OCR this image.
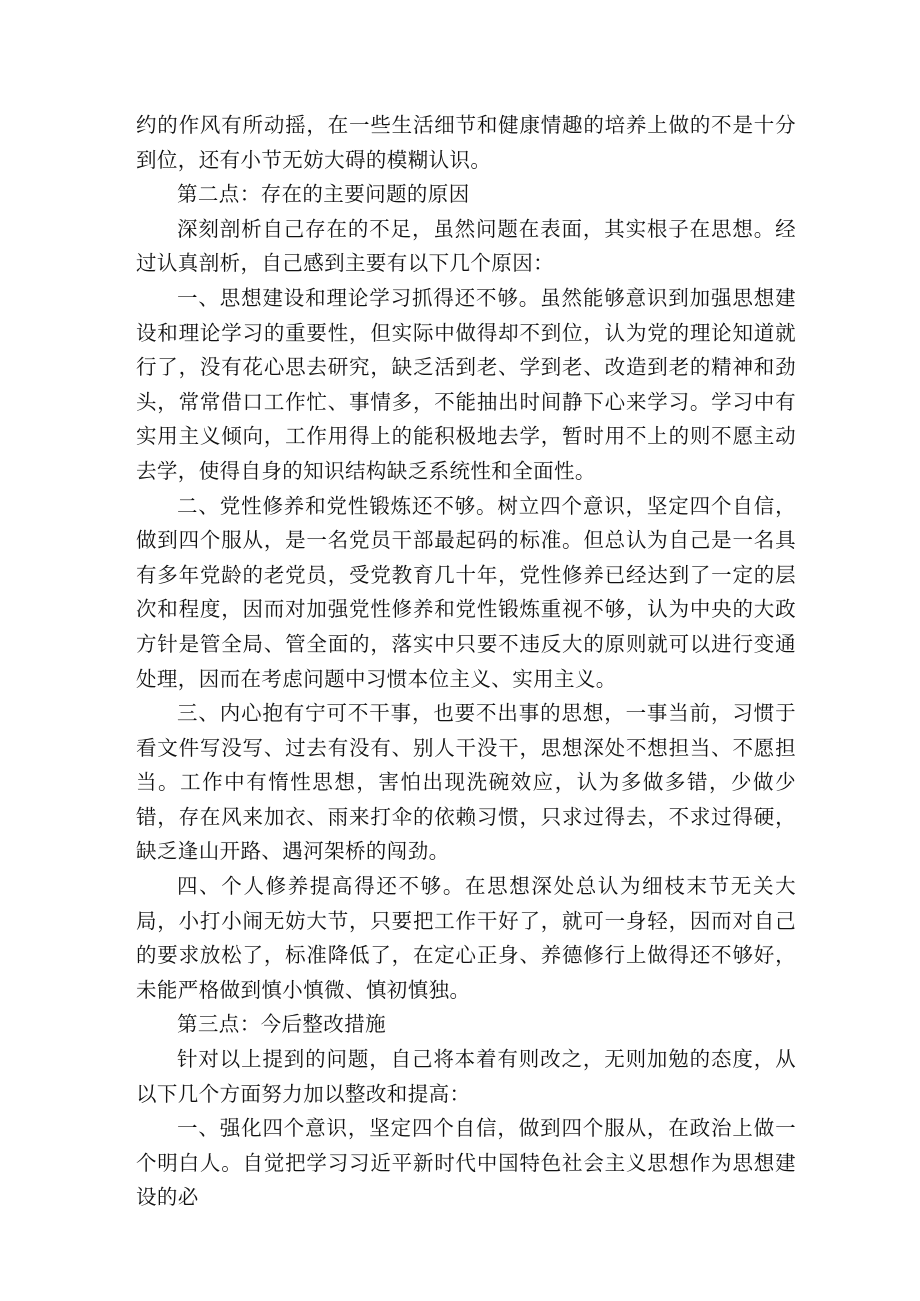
约的作风有所动摇，在一些生活细节和健康情趣的培养上做的不是十分到位，还有小节无妨大碍的模糊认识。

第二点：存在的主要问题的原因

深刻剖析自己存在的不足，虽然问题在表面，其实根子在思想。经过认真剖析，自己感到主要有以下几个原因：

一、思想建设和理论学习抓得还不够。虽然能够意识到加强思想建设和理论学习的重要性，但实际中做得却不到位，认为党的理论知道就行了，没有花心思去研究，缺乏活到老、学到老、改造到老的精神和劲头，常常借口工作忙、事情多，不能抽出时间静下心来学习。学习中有实用主义倾向，工作用得上的能积极地去学，暂时用不上的则不愿主动去学，使得自身的知识结构缺乏系统性和全面性。

二、党性修养和党性锻炼还不够。树立四个意识，坚定四个自信，做到四个服从，是一名党员干部最起码的标准。但总认为自己是一名具有多年党龄的老党员，受党教育几十年，党性修养已经达到了一定的层次和程度，因而对加强党性修养和党性锻炼重视不够，认为中央的大政方针是管全局、管全面的，落实中只要不违反大的原则就可以进行变通处理，因而在考虑问题中习惯本位主义、实用主义。

三、内心抱有宁可不干事，也要不出事的思想，一事当前，习惯于看文件写没写、过去有没有、别人干没干，思想深处不想担当、不愿担当。工作中有惰性思想，害怕出现洗碗效应，认为多做多错，少做少错，存在风来加衣、雨来打伞的依赖习惯，只求过得去，不求过得硬，缺乏逢山开路、遇河架桥的闯劲。

四、个人修养提高得还不够。在思想深处总认为细枝末节无关大局，小打小闹无妨大节，只要把工作干好了，就可一身轻，因而对自己的要求放松了，标准降低了，在定心正身、养德修行上做得还不够好，未能严格做到慎小慎微、慎初慎独。

第三点：今后整改措施

针对以上提到的问题，自己将本着有则改之，无则加勉的态度，从以下几个方面努力加以整改和提高：

一、强化四个意识，坚定四个自信，做到四个服从，在政治上做一个明白人。自觉把学习习近平新时代中国特色社会主义思想作为思想建设的必
